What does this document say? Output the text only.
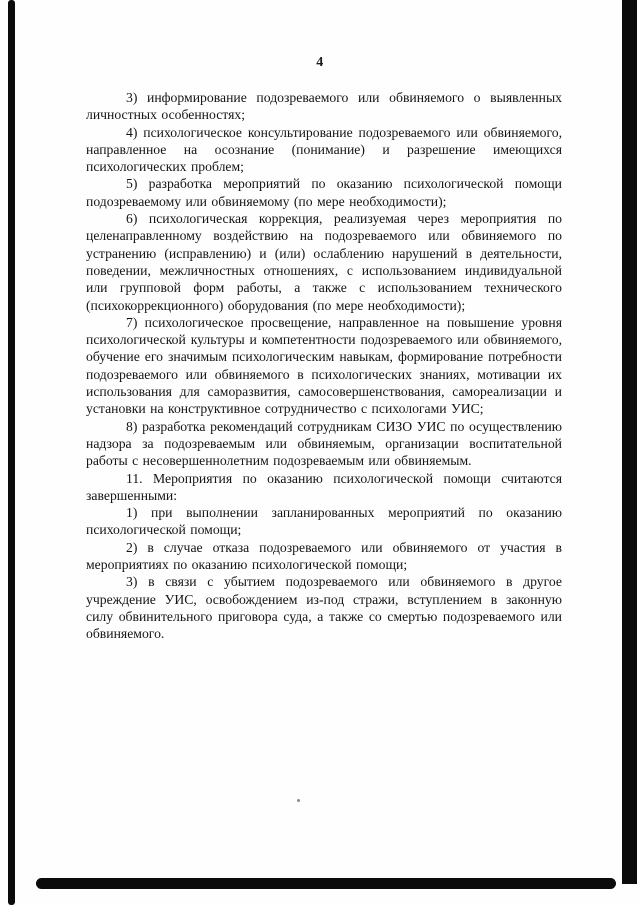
4

3) информирование подозреваемого или обвиняемого о выявленных личностных особенностях;

4) психологическое консультирование подозреваемого или обвиняемого, направленное на осознание (понимание) и разрешение имеющихся психологических проблем;

5) разработка мероприятий по оказанию психологической помощи подозреваемому или обвиняемому (по мере необходимости);

6) психологическая коррекция, реализуемая через мероприятия по целенаправленному воздействию на подозреваемого или обвиняемого по устранению (исправлению) и (или) ослаблению нарушений в деятельности, поведении, межличностных отношениях, с использованием индивидуальной или групповой форм работы, а также с использованием технического (психокоррекционного) оборудования (по мере необходимости);

7) психологическое просвещение, направленное на повышение уровня психологической культуры и компетентности подозреваемого или обвиняемого, обучение его значимым психологическим навыкам, формирование потребности подозреваемого или обвиняемого в психологических знаниях, мотивации их использования для саморазвития, самосовершенствования, самореализации и установки на конструктивное сотрудничество с психологами УИС;

8) разработка рекомендаций сотрудникам СИЗО УИС по осуществлению надзора за подозреваемым или обвиняемым, организации воспитательной работы с несовершеннолетним подозреваемым или обвиняемым.

11. Мероприятия по оказанию психологической помощи считаются завершенными:

1) при выполнении запланированных мероприятий по оказанию психологической помощи;

2) в случае отказа подозреваемого или обвиняемого от участия в мероприятиях по оказанию психологической помощи;

3) в связи с убытием подозреваемого или обвиняемого в другое учреждение УИС, освобождением из-под стражи, вступлением в законную силу обвинительного приговора суда, а также со смертью подозреваемого или обвиняемого.
